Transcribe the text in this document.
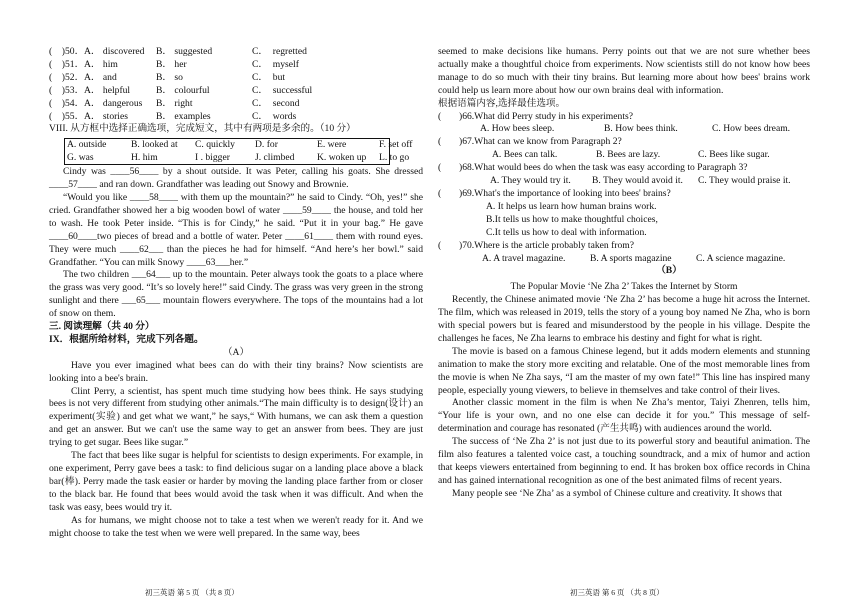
(    )50． A． discovered	B． suggested	C．  regretted
(    )51． A． him	B． her	C．  myself
(    )52． A． and	B． so	C．  but
(    )53． A． helpful	B． colourful	C．  successful
(    )54． A． dangerous	B． right	C．  second
(    )55． A． stories	B． examples	C．  words

VIII. 从方框中选择正确选项，完成短文，其中有两项是多余的。（10 分）

A. outside	B. looked at	C. quickly	D. for	E. were	F. set off
G. was	H. him	I . bigger	J. climbed	K. woken up	L. to go

Cindy was ____56____ by a shout outside. It was Peter, calling his goats. She dressed ____57____ and ran down. Grandfather was leading out Snowy and Brownie.

“Would you like ____58____ with them up the mountain?” he said to Cindy. “Oh, yes!” she cried. Grandfather showed her a big wooden bowl of water ____59____ the house, and told her to wash. He took Peter inside. “This is for Cindy,” he said. “Put it in your bag.” He gave ____60____two pieces of bread and a bottle of water. Peter ____61____ them with round eyes. They were much ____62___ than the pieces he had for himself. “And here’s her bowl.” said Grandfather. “You can milk Snowy ____63___her.”

The two children ___64___ up to the mountain. Peter always took the goats to a place where the grass was very good. “It’s so lovely here!” said Cindy. The grass was very green in the strong sunlight and there ___65___ mountain flowers everywhere. The tops of the mountains had a lot of snow on them.

三. 阅读理解（共 40 分）

IX．根据所给材料，完成下列各题。

（A）

Have you ever imagined what bees can do with their tiny brains? Now scientists are looking into a bee's brain.

Clint Perry, a scientist, has spent much time studying how bees think. He says studying bees is not very different from studying other animals.“The main difficulty is to design(设计) an experiment(实验) and get what we want,” he says,“ With humans, we can ask them a question and get an answer. But we can't use the same way to get an answer from bees. They are just trying to get sugar. Bees like sugar.”

The fact that bees like sugar is helpful for scientists to design experiments. For example, in one experiment, Perry gave bees a task: to find delicious sugar on a landing place above a black bar(棒). Perry made the task easier or harder by moving the landing place farther from or closer to the black bar. He found that bees would avoid the task when it was difficult. And when the task was easy, bees would try it.

As for humans, we might choose not to take a test when we weren't ready for it. And we might choose to take the test when we were well prepared. In the same way, bees

初三英语 第 5 页 （共 8 页）

seemed to make decisions like humans. Perry points out that we are not sure whether bees actually make a thoughtful choice from experiments. Now scientists still do not know how bees manage to do so much with their tiny brains. But learning more about how bees' brains work could help us learn more about how our own brains deal with information.

根据语篇内容,选择最佳选项。

(	)66.What did Perry study in his experiments?
A. How bees sleep.	B. How bees think.	C. How bees dream.
(	)67.What can we know from Paragraph 2?
A. Bees can talk.	B. Bees are lazy.	C. Bees like sugar.
(	)68.What would bees do when the task was easy according to Paragraph 3?
A. They would try it.	B. They would avoid it.	C. They would praise it.
(	)69.What's the importance of looking into bees' brains?

A. It helps us learn how human brains work.

B.It tells us how to make thoughtful choices,

C.It tells us how to deal with information.

(	)70.Where is the article probably taken from?
A. A travel magazine.	B. A sports magazine	C. A science magazine.

（B）

The Popular Movie ‘Ne Zha 2’ Takes the Internet by Storm

Recently, the Chinese animated movie ‘Ne Zha 2’ has become a huge hit across the Internet. The film, which was released in 2019, tells the story of a young boy named Ne Zha, who is born with special powers but is feared and misunderstood by the people in his village. Despite the challenges he faces, Ne Zha learns to embrace his destiny and fight for what is right.

The movie is based on a famous Chinese legend, but it adds modern elements and stunning animation to make the story more exciting and relatable. One of the most memorable lines from the movie is when Ne Zha says, “I am the master of my own fate!” This line has inspired many people, especially young viewers, to believe in themselves and take control of their lives.

Another classic moment in the film is when Ne Zha’s mentor, Taiyi Zhenren, tells him, “Your life is your own, and no one else can decide it for you.” This message of self-determination and courage has resonated (产生共鸣) with audiences around the world.

The success of ‘Ne Zha 2’ is not just due to its powerful story and beautiful animation. The film also features a talented voice cast, a touching soundtrack, and a mix of humor and action that keeps viewers entertained from beginning to end. It has broken box office records in China and has gained international recognition as one of the best animated films of recent years.

Many people see ‘Ne Zha’ as a symbol of Chinese culture and creativity. It shows that

初三英语 第 6 页 （共 8 页）
